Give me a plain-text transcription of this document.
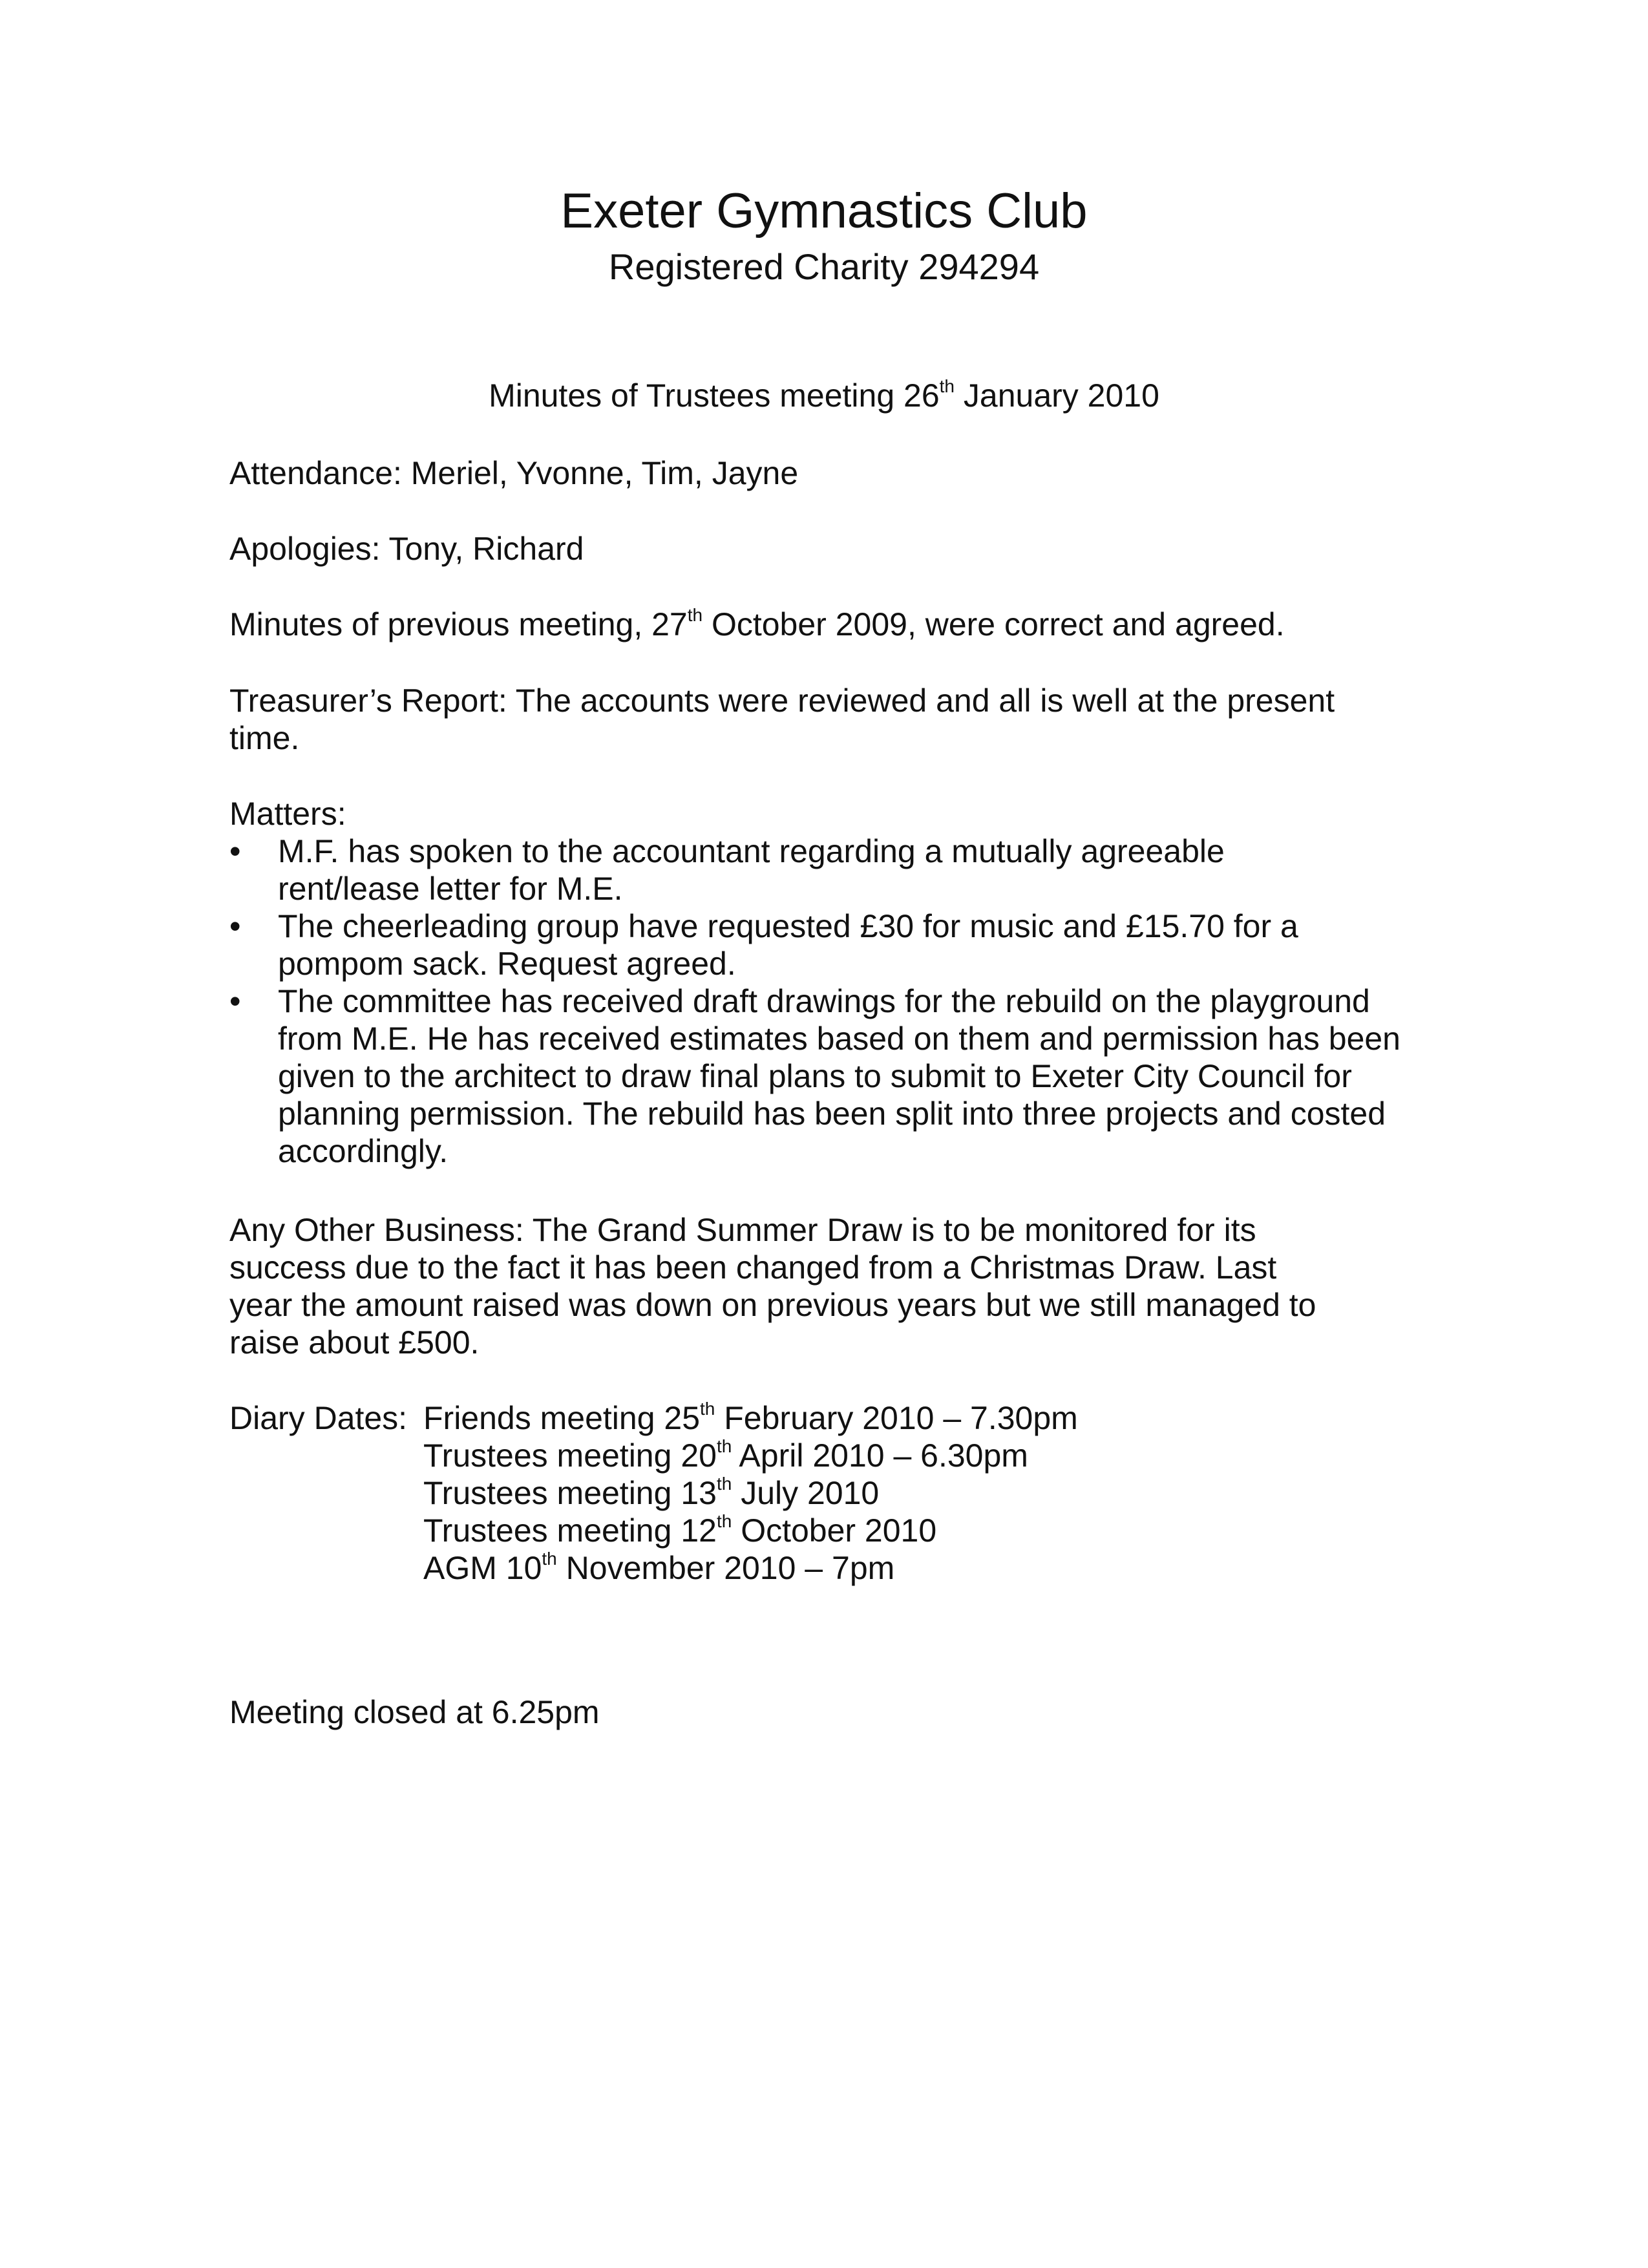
Exeter Gymnastics Club
Registered Charity 294294
Minutes of Trustees meeting 26th January 2010
Attendance: Meriel, Yvonne, Tim, Jayne
Apologies: Tony, Richard
Minutes of previous meeting, 27th October 2009, were correct and agreed.
Treasurer’s Report: The accounts were reviewed and all is well at the present time.
Matters:
• M.F. has spoken to the accountant regarding a mutually agreeable rent/lease letter for M.E.
• The cheerleading group have requested £30 for music and £15.70 for a pompom sack. Request agreed.
• The committee has received draft drawings for the rebuild on the playground from M.E. He has received estimates based on them and permission has been given to the architect to draw final plans to submit to Exeter City Council for planning permission. The rebuild has been split into three projects and costed accordingly.
Any Other Business: The Grand Summer Draw is to be monitored for its success due to the fact it has been changed from a Christmas Draw. Last year the amount raised was down on previous years but we still managed to raise about £500.
Diary Dates: Friends meeting 25th February 2010 – 7.30pm
Trustees meeting 20th April 2010 – 6.30pm
Trustees meeting 13th July 2010
Trustees meeting 12th October 2010
AGM 10th November 2010 – 7pm
Meeting closed at 6.25pm
